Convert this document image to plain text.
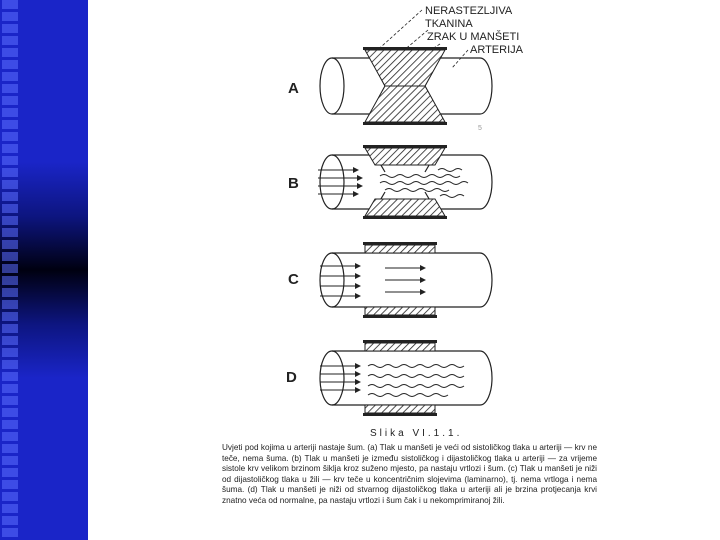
NERASTEZLJIVA
TKANINA
ZRAK U MANŠETI
ARTERIJA
A
5
B
C
D
Slika VI.1.1.
Uvjeti pod kojima u arteriji nastaje šum. (a) Tlak u manšeti je veći od sistoličkog tlaka u arteriji — krv ne teče, nema šuma. (b) Tlak u manšeti je između sistoličkog i dijastoličkog tlaka u arteriji — za vrijeme sistole krv velikom brzinom šiklja kroz suženo mjesto, pa nastaju vrtlozi i šum. (c) Tlak u manšeti je niži od dijastoličkog tlaka u žili — krv teče u koncentričnim slojevima (laminarno), tj. nema vrtloga i nema šuma. (d) Tlak u manšeti je niži od stvarnog dijastoličkog tlaka u arteriji ali je brzina protjecanja krvi znatno veća od normalne, pa nastaju vrtlozi i šum čak i u nekomprimiranoj žili.
